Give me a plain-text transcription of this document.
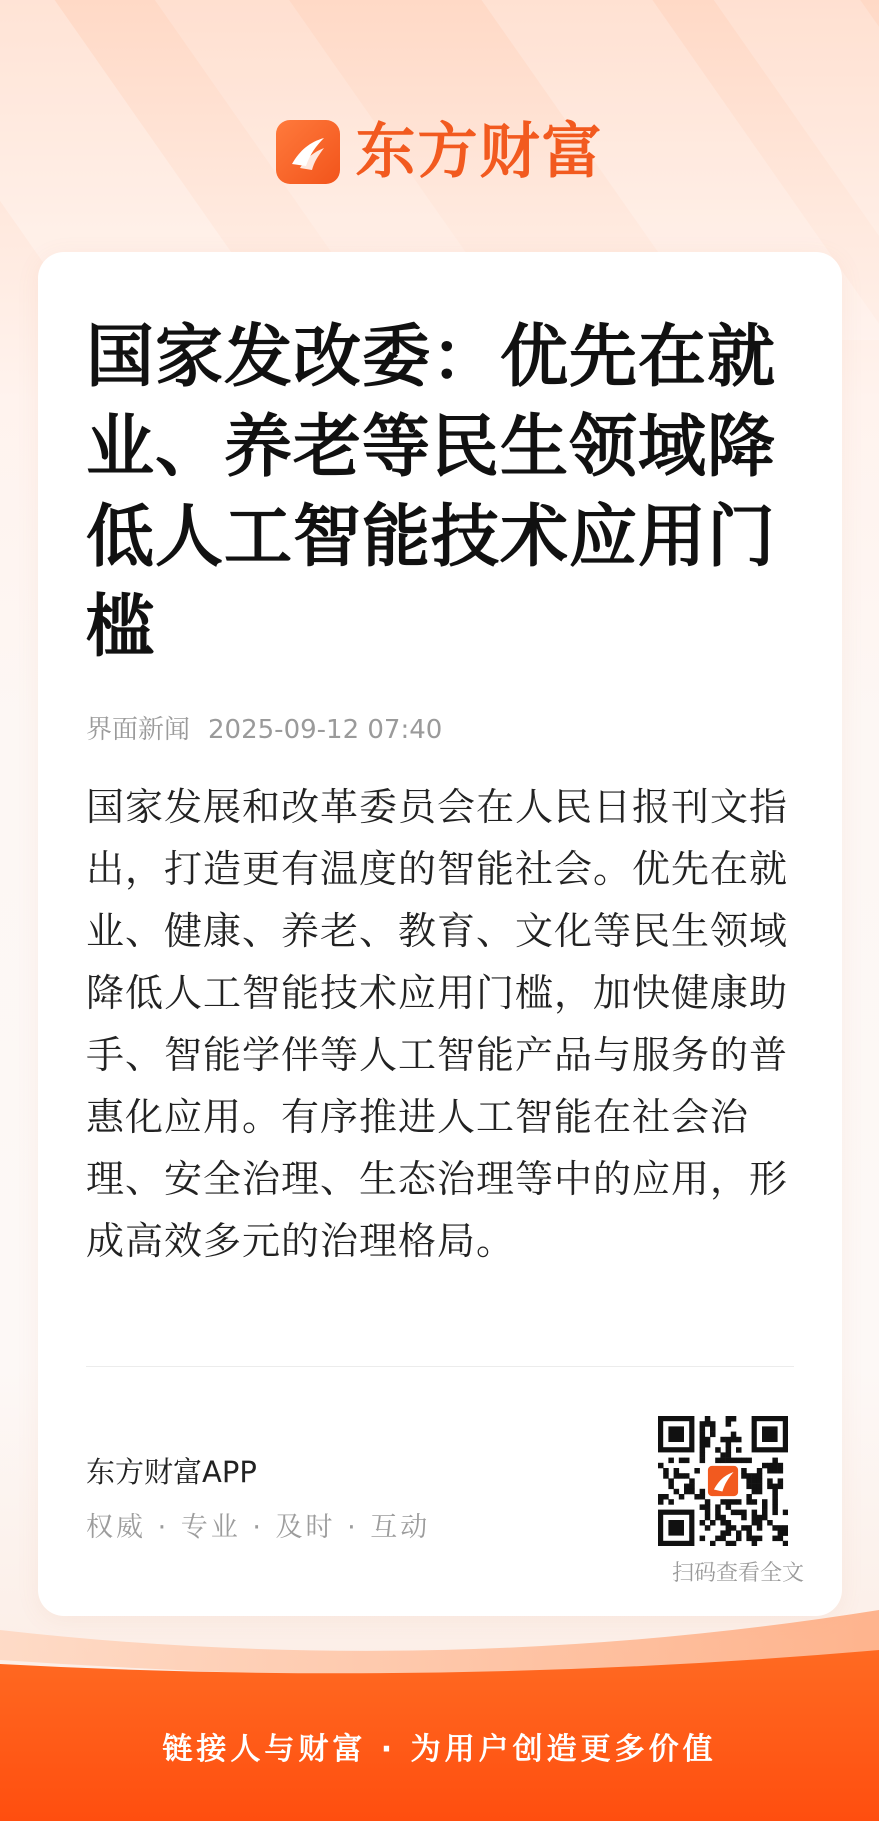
东方财富
国家发改委：优先在就业、养老等民生领域降低人工智能技术应用门槛
界面新闻 2025-09-12 07:40

国家发展和改革委员会在人民日报刊文指出，打造更有温度的智能社会。优先在就业、健康、养老、教育、文化等民生领域降低人工智能技术应用门槛，加快健康助手、智能学伴等人工智能产品与服务的普惠化应用。有序推进人工智能在社会治理、安全治理、生态治理等中的应用，形成高效多元的治理格局。

东方财富APP
权威 · 专业 · 及时 · 互动
扫码查看全文
链接人与财富 · 为用户创造更多价值
